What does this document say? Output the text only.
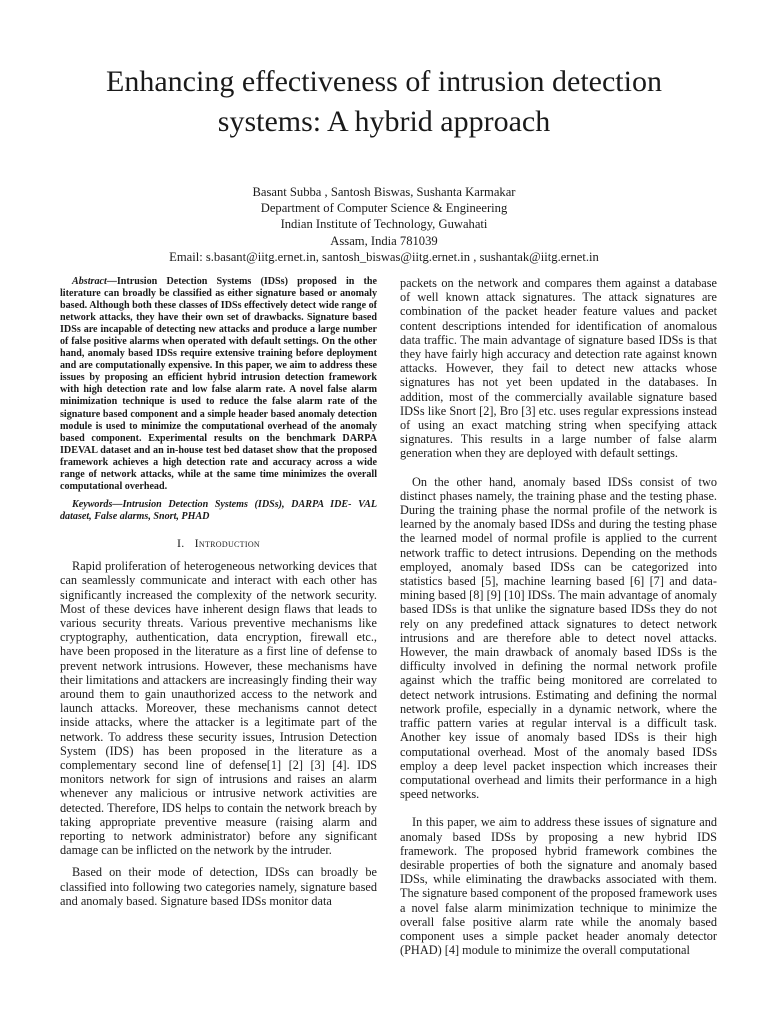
Enhancing effectiveness of intrusion detection
systems: A hybrid approach
Basant Subba , Santosh Biswas, Sushanta Karmakar
Department of Computer Science & Engineering
Indian Institute of Technology, Guwahati
Assam, India 781039
Email: s.basant@iitg.ernet.in, santosh_biswas@iitg.ernet.in , sushantak@iitg.ernet.in

Abstract—Intrusion Detection Systems (IDSs) proposed in the literature can broadly be classified as either signature based or anomaly based. Although both these classes of IDSs effectively detect wide range of network attacks, they have their own set of drawbacks. Signature based IDSs are incapable of detecting new attacks and produce a large number of false positive alarms when operated with default settings. On the other hand, anomaly based IDSs require extensive training before deployment and are computationally expensive. In this paper, we aim to address these issues by proposing an efficient hybrid intrusion detection framework with high detection rate and low false alarm rate. A novel false alarm minimization technique is used to reduce the false alarm rate of the signature based component and a simple header based anomaly detection module is used to minimize the computational overhead of the anomaly based component. Experimental results on the benchmark DARPA IDEVAL dataset and an in-house test bed dataset show that the proposed framework achieves a high detection rate and accuracy across a wide range of network attacks, while at the same time minimizes the overall computational overhead.

Keywords—Intrusion Detection Systems (IDSs), DARPA IDE- VAL dataset, False alarms, Snort, PHAD

I. Introduction

Rapid proliferation of heterogeneous networking devices that can seamlessly communicate and interact with each other has significantly increased the complexity of the network security. Most of these devices have inherent design flaws that leads to various security threats. Various preventive mechanisms like cryptography, authentication, data encryption, firewall etc., have been proposed in the literature as a first line of defense to prevent network intrusions. However, these mechanisms have their limitations and attackers are increasingly finding their way around them to gain unauthorized access to the network and launch attacks. Moreover, these mechanisms cannot detect inside attacks, where the attacker is a legitimate part of the network. To address these security issues, Intrusion Detection System (IDS) has been proposed in the literature as a complementary second line of defense[1] [2] [3] [4]. IDS monitors network for sign of intrusions and raises an alarm whenever any malicious or intrusive network activities are detected. Therefore, IDS helps to contain the network breach by taking appropriate preventive measure (raising alarm and reporting to network administrator) before any significant damage can be inflicted on the network by the intruder.

Based on their mode of detection, IDSs can broadly be classified into following two categories namely, signature based and anomaly based. Signature based IDSs monitor data

packets on the network and compares them against a database of well known attack signatures. The attack signatures are combination of the packet header feature values and packet content descriptions intended for identification of anomalous data traffic. The main advantage of signature based IDSs is that they have fairly high accuracy and detection rate against known attacks. However, they fail to detect new attacks whose signatures has not yet been updated in the databases. In addition, most of the commercially available signature based IDSs like Snort [2], Bro [3] etc. uses regular expressions instead of using an exact matching string when specifying attack signatures. This results in a large number of false alarm generation when they are deployed with default settings.

On the other hand, anomaly based IDSs consist of two distinct phases namely, the training phase and the testing phase. During the training phase the normal profile of the network is learned by the anomaly based IDSs and during the testing phase the learned model of normal profile is applied to the current network traffic to detect intrusions. Depending on the methods employed, anomaly based IDSs can be categorized into statistics based [5], machine learning based [6] [7] and data-mining based [8] [9] [10] IDSs. The main advantage of anomaly based IDSs is that unlike the signature based IDSs they do not rely on any predefined attack signatures to detect network intrusions and are therefore able to detect novel attacks. However, the main drawback of anomaly based IDSs is the difficulty involved in defining the normal network profile against which the traffic being monitored are correlated to detect network intrusions. Estimating and defining the normal network profile, especially in a dynamic network, where the traffic pattern varies at regular interval is a difficult task. Another key issue of anomaly based IDSs is their high computational overhead. Most of the anomaly based IDSs employ a deep level packet inspection which increases their computational overhead and limits their performance in a high speed networks.

In this paper, we aim to address these issues of signature and anomaly based IDSs by proposing a new hybrid IDS framework. The proposed hybrid framework combines the desirable properties of both the signature and anomaly based IDSs, while eliminating the drawbacks associated with them. The signature based component of the proposed framework uses a novel false alarm minimization technique to minimize the overall false positive alarm rate while the anomaly based component uses a simple packet header anomaly detector (PHAD) [4] module to minimize the overall computational
